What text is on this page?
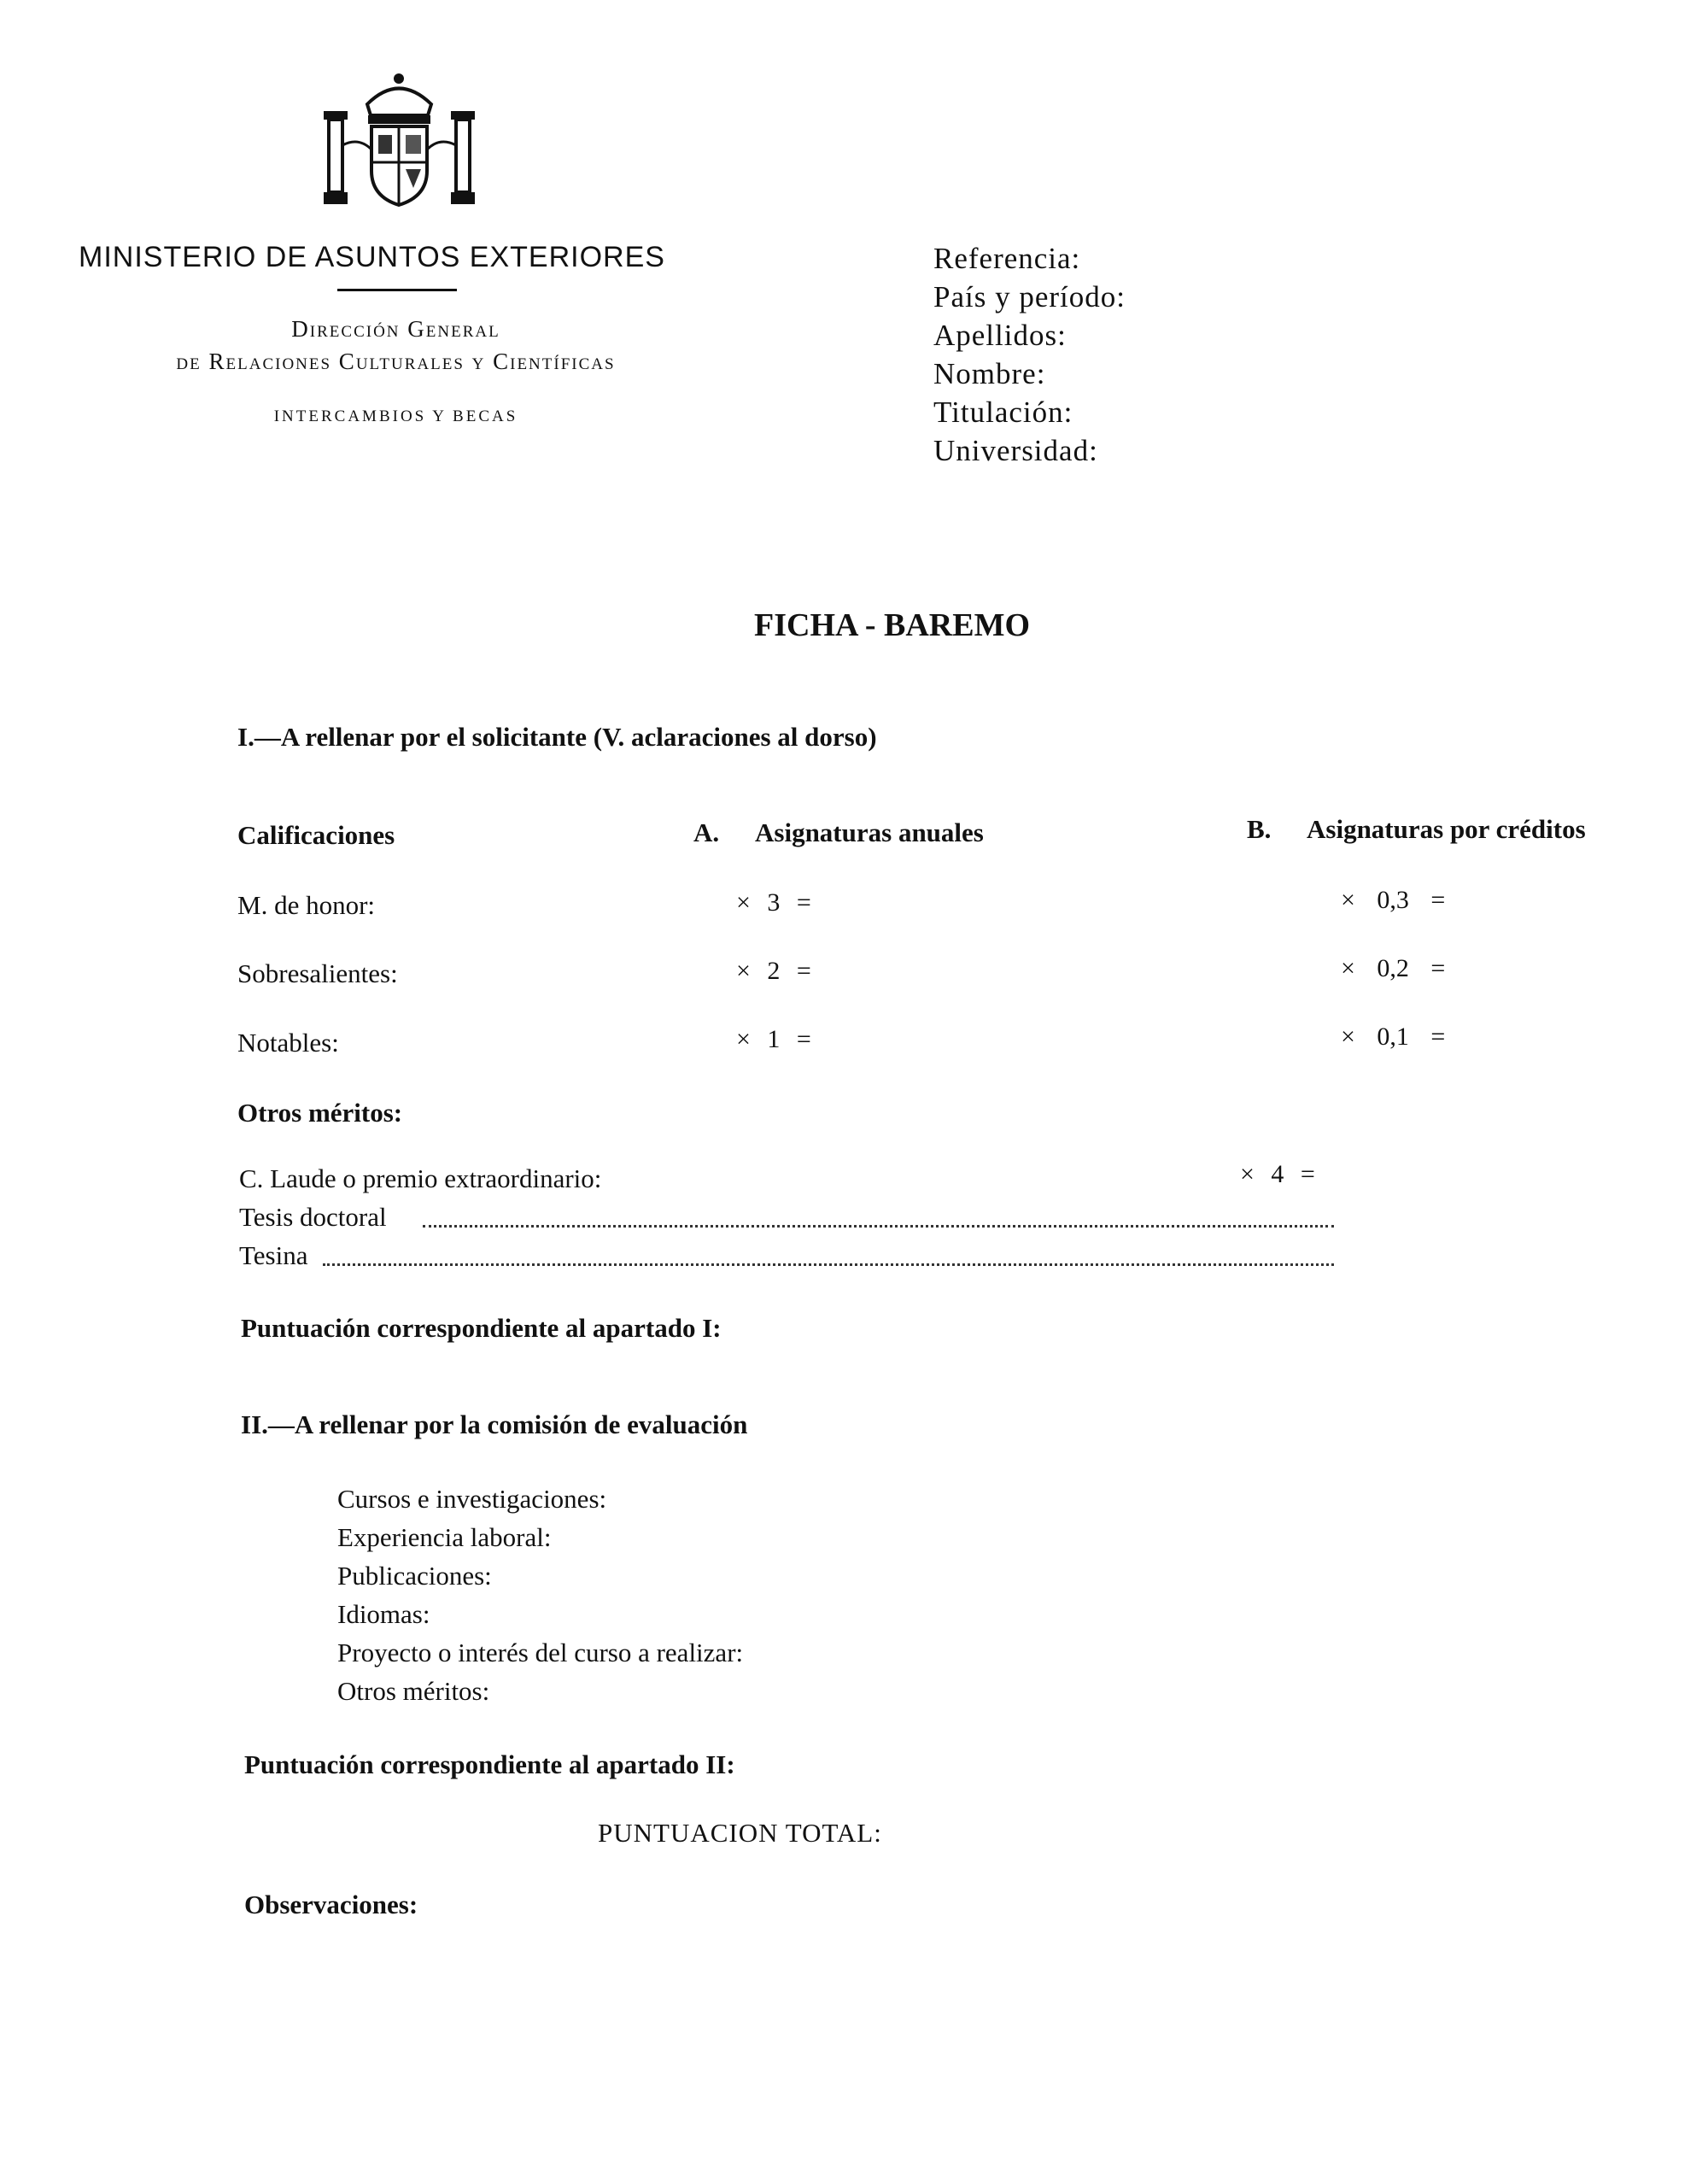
MINISTERIO DE ASUNTOS EXTERIORES
Dirección General
de Relaciones Culturales y Científicas
INTERCAMBIOS Y BECAS
Referencia:
País y período:
Apellidos:
Nombre:
Titulación:
Universidad:
FICHA - BAREMO
I.—A rellenar por el solicitante (V. aclaraciones al dorso)
Calificaciones	A. Asignaturas anuales	B. Asignaturas por créditos
M. de honor:	× 3 =	× 0,3 =
Sobresalientes:	× 2 =	× 0,2 =
Notables:	× 1 =	× 0,1 =
Otros méritos:
C. Laude o premio extraordinario:	× 4 =
Tesis doctoral
Tesina
Puntuación correspondiente al apartado I:
II.—A rellenar por la comisión de evaluación
Cursos e investigaciones:
Experiencia laboral:
Publicaciones:
Idiomas:
Proyecto o interés del curso a realizar:
Otros méritos:
Puntuación correspondiente al apartado II:
PUNTUACION TOTAL:
Observaciones:
